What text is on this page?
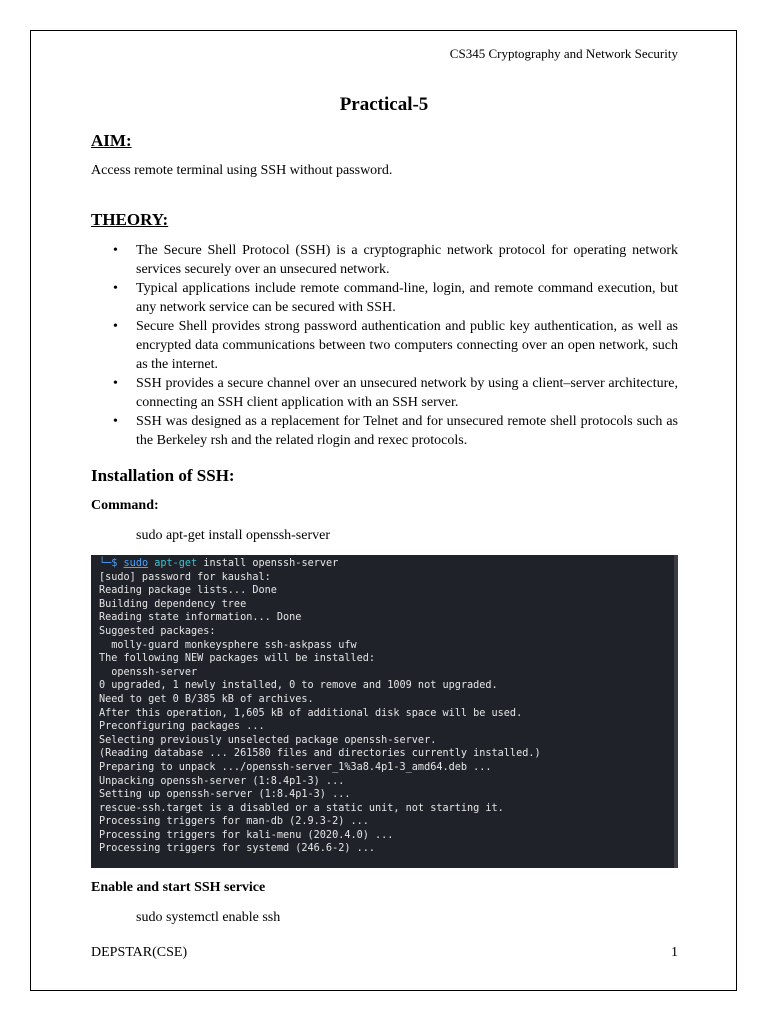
CS345 Cryptography and Network Security
Practical-5
AIM:
Access remote terminal using SSH without password.
THEORY:
• The Secure Shell Protocol (SSH) is a cryptographic network protocol for operating network services securely over an unsecured network.
• Typical applications include remote command-line, login, and remote command execution, but any network service can be secured with SSH.
• Secure Shell provides strong password authentication and public key authentication, as well as encrypted data communications between two computers connecting over an open network, such as the internet.
• SSH provides a secure channel over an unsecured network by using a client–server architecture, connecting an SSH client application with an SSH server.
• SSH was designed as a replacement for Telnet and for unsecured remote shell protocols such as the Berkeley rsh and the related rlogin and rexec protocols.
Installation of SSH:
Command:
sudo apt-get install openssh-server
└─$ sudo apt-get install openssh-server
[sudo] password for kaushal:
Reading package lists... Done
Building dependency tree
Reading state information... Done
Suggested packages:
molly-guard monkeysphere ssh-askpass ufw
The following NEW packages will be installed:
openssh-server
0 upgraded, 1 newly installed, 0 to remove and 1009 not upgraded.
Need to get 0 B/385 kB of archives.
After this operation, 1,605 kB of additional disk space will be used.
Preconfiguring packages ...
Selecting previously unselected package openssh-server.
(Reading database ... 261580 files and directories currently installed.)
Preparing to unpack .../openssh-server_1%3a8.4p1-3_amd64.deb ...
Unpacking openssh-server (1:8.4p1-3) ...
Setting up openssh-server (1:8.4p1-3) ...
rescue-ssh.target is a disabled or a static unit, not starting it.
Processing triggers for man-db (2.9.3-2) ...
Processing triggers for kali-menu (2020.4.0) ...
Processing triggers for systemd (246.6-2) ...
Enable and start SSH service
sudo systemctl enable ssh
DEPSTAR(CSE)	1
